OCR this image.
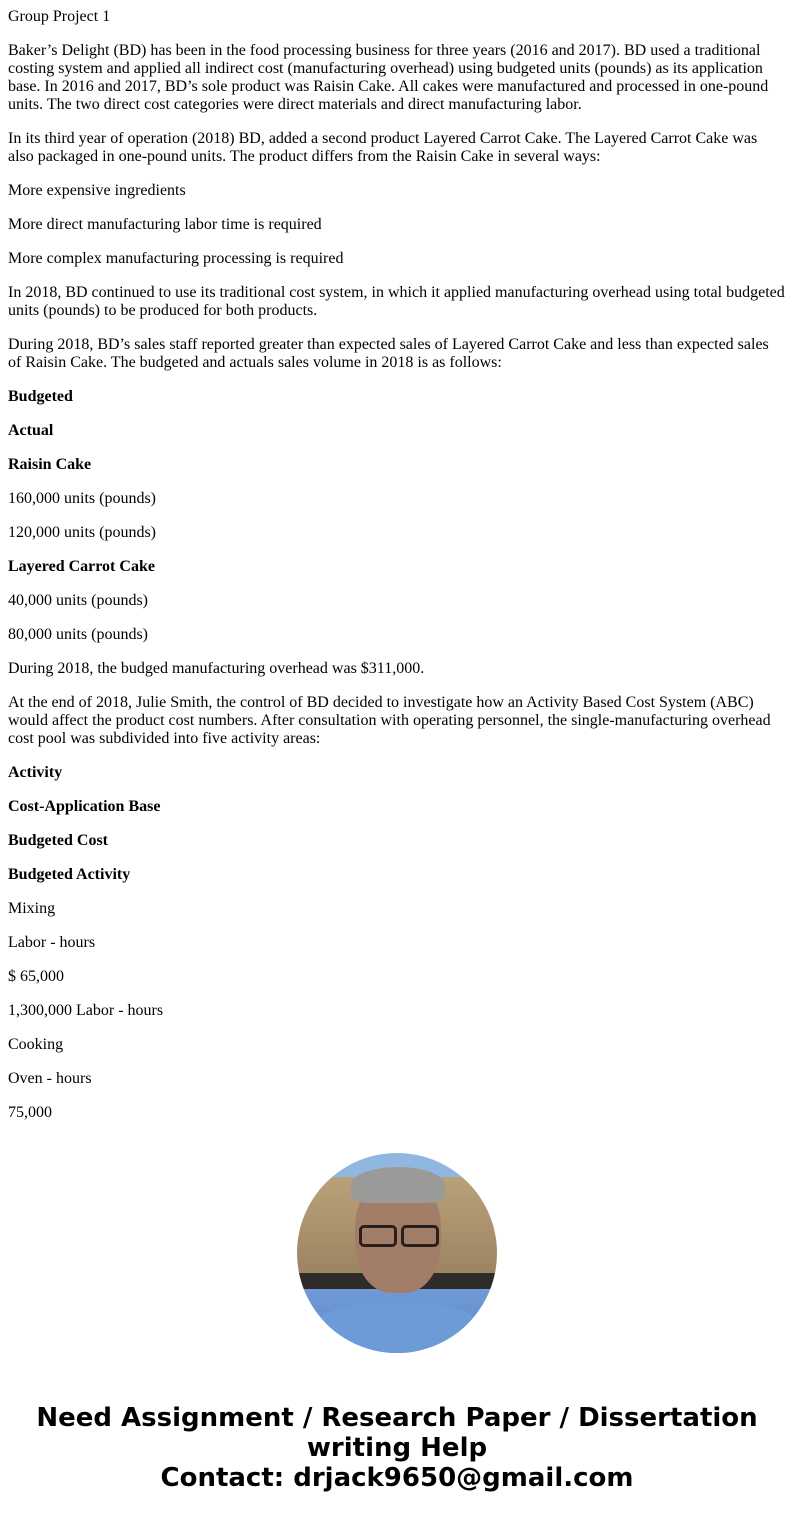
Group Project 1

Baker’s Delight (BD) has been in the food processing business for three years (2016 and 2017). BD used a traditional costing system and applied all indirect cost (manufacturing overhead) using budgeted units (pounds) as its application base. In 2016 and 2017, BD’s sole product was Raisin Cake. All cakes were manufactured and processed in one-pound units. The two direct cost categories were direct materials and direct manufacturing labor.

In its third year of operation (2018) BD, added a second product Layered Carrot Cake. The Layered Carrot Cake was also packaged in one-pound units. The product differs from the Raisin Cake in several ways:

More expensive ingredients

More direct manufacturing labor time is required

More complex manufacturing processing is required

In 2018, BD continued to use its traditional cost system, in which it applied manufacturing overhead using total budgeted units (pounds) to be produced for both products.

During 2018, BD’s sales staff reported greater than expected sales of Layered Carrot Cake and less than expected sales of Raisin Cake. The budgeted and actuals sales volume in 2018 is as follows:

Budgeted

Actual

Raisin Cake

160,000 units (pounds)

120,000 units (pounds)

Layered Carrot Cake

40,000 units (pounds)

80,000 units (pounds)

During 2018, the budged manufacturing overhead was $311,000.

At the end of 2018, Julie Smith, the control of BD decided to investigate how an Activity Based Cost System (ABC) would affect the product cost numbers. After consultation with operating personnel, the single-manufacturing overhead cost pool was subdivided into five activity areas:

Activity

Cost-Application Base

Budgeted Cost

Budgeted Activity

Mixing

Labor - hours

$ 65,000

1,300,000 Labor - hours

Cooking

Oven - hours

75,000

Need Assignment / Research Paper / Dissertation
writing Help
Contact: drjack9650@gmail.com
